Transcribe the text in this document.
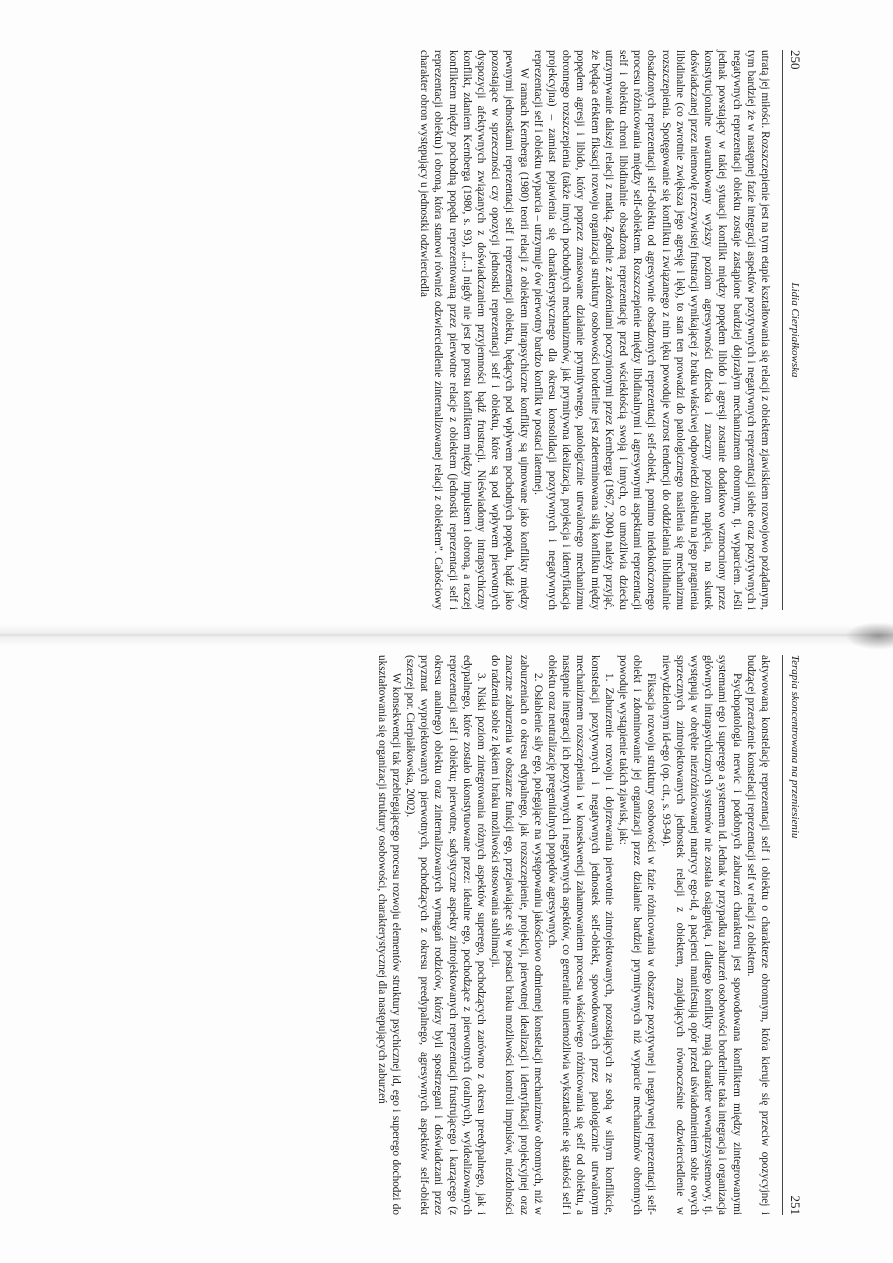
250
Lidia Cierpiałkowska

utratą jej miłości. Rozszczepienie jest na tym etapie kształtowania się relacji z obiektem zjawiskiem rozwojowo pożądanym, tym bardziej że w następnej fazie integracji aspektów pozytywnych i negatywnych reprezentacji siebie oraz pozytywnych i negatywnych reprezentacji obiektu zostaje zastąpione bardziej dojrzałym mechanizmem obronnym, tj. wyparciem. Jeśli jednak powstający w takiej sytuacji konflikt między popędem libido i agresji zostanie dodatkowo wzmocniony przez konstytucjonalne uwarunkowany wyższy poziom agresywności dziecka i znaczny poziom napięcia, na skutek doświadczanej przez niemowlę rzeczywistej frustracji wynikającej z braku właściwej odpowiedzi obiektu na jego pragnienia libidinalne (co zwrotnie zwiększa jego agresję i lęk), to stan ten prowadzi do patologicznego nasilenia się mechanizmu rozszczepienia. Spotęgowanie się konfliktu i związanego z nim lęku powoduje wzrost tendencji do oddzielania libidinalnie obsadzonych reprezentacji self-obiektu od agresywnie obsadzonych reprezentacji self-obiekt, pomimo niedokończonego procesu różnicowania między self-obiektem. Rozszczepienie między libidinalnymi i agresywnymi aspektami reprezentacji self i obiektu chroni libidinalnie obsadzoną reprezentację przed wściekłością swoją i innych, co umożliwia dziecku utrzymywanie dalszej relacji z matką. Zgodnie z założeniami poczynionymi przez Kernberga (1967, 2004) należy przyjąć, że będąca efektem fiksacji rozwoju organizacja struktury osobowości borderline jest zdeterminowana siłą konfliktu między popędem agresji i libido, który poprzez zmasowane działanie prymitywnego, patologicznie utrwalonego mechanizmu obronnego rozszczepienia (także innych pochodnych mechanizmów, jak prymitywna idealizacja, projekcja i identyfikacja projekcyjna) – zamiast pojawienia się charakterystycznego dla okresu konsolidacji pozytywnych i negatywnych reprezentacji self i obiektu wyparcia – utrzymuje ów pierwotny bardzo konflikt w postaci latentnej.

W ramach Kernberga (1980) teorii relacji z obiektem intrapsychiczne konflikty są ujmowane jako konflikty między pewnymi jednostkami reprezentacji self i reprezentacji obiektu, będących pod wpływem pochodnych popędu, bądź jako pozostające w sprzeczności czy opozycji jednostki reprezentacji self i obiektu, które są pod wpływem pierwotnych dyspozycji afektywnych związanych z doświadczaniem przyjemności bądź frustracji. Nieświadomy intrapsychiczny konflikt, zdaniem Kernberga (1980, s. 93), „[...] nigdy nie jest po prostu konfliktem między impulsem i obroną, a raczej konfliktem między pochodną popędu reprezentowaną przez pierwotne relacje z obiektem (jednostki reprezentacji self i reprezentacji obiektu) i obroną, która stanowi również odzwierciedlenie zinternalizowanej relacji z obiektem”. Całościowy charakter obron występujący u jednostki odzwierciedla

Terapia skoncentrowana na przeniesieniu
251

aktywowaną konstelację reprezentacji self i obiektu o charakterze obronnym, która kieruje się przeciw opozycyjnej i budzącej przerażenie konstelacji reprezentacji self w relacji z obiektem.

Psychopatologia nerwic i podobnych zaburzeń charakteru jest spowodowana konfliktem między zintegrowanymi systemami ego i superego a systemem id. Jednak w przypadku zaburzeń osobowości borderline taka integracja i organizacja głównych intrapsychicznych systemów nie została osiągnięta, i dlatego konflikty mają charakter wewnątrzsystemowy, tj. występują w obrębie niezróżnicowanej matrycy ego-id, a pacjenci manifestują opór przed uświadomieniem sobie owych sprzecznych zintrojektowanych jednostek relacji z obiektem, znajdujących równocześnie odzwierciedlenie w niewydzielonym id-ego (op. cit., s. 93-94).

Fiksacja rozwoju struktury osobowości w fazie różnicowania w obszarze pozytywnej i negatywnej reprezentacji self-obiekt i zdominowanie jej organizacji przez działanie bardziej prymitywnych niż wyparcie mechanizmów obronnych powoduje wystąpienie takich zjawisk, jak:

1. Zaburzenie rozwoju i dojrzewania pierwotnie zintrojektowanych, pozostających ze sobą w silnym konflikcie, konstelacji pozytywnych i negatywnych jednostek self-obiekt, spowodowanych przez patologicznie utrwalonym mechanizmem rozszczepienia i w konsekwencji zahamowaniem procesu właściwego różnicowania się self od obiektu, a następnie integracji ich pozytywnych i negatywnych aspektów, co generalnie uniemożliwia wykształcenie się stałości self i obiektu oraz neutralizację pregenitalnych popędów agresywnych.

2. Osłabienie siły ego, polegające na występowaniu jakościowo odmiennej konstelacji mechanizmów obronnych, niż w zaburzeniach o okresu edypalnego, jak rozszczepienie, projekcji, pierwotnej idealizacji i identyfikacji projekcyjnej oraz znaczne zaburzenia w obszarze funkcji ego, przejawiające się w postaci braku możliwości kontroli impulsów, niezdolności do radzenia sobie z lękiem i braku możliwości stosowania sublimacji.

3. Niski poziom zintegrowania różnych aspektów superego, pochodzących zarówno z okresu preedypalnego, jak i edypalnego, które zostało ukonstytuowane przez: idealne ego, pochodzące z pierwotnych (oralnych), wyidealizowanych reprezentacji self i obiektu; pierwotne, sadystyczne aspekty zintrojektowanych reprezentacji frustrującego i karzącego (z okresu analnego) obiektu oraz zinternalizowanych wymagań rodziców, którzy byli spostrzegani i doświadczani przez pryzmat wyprojektowanych pierwotnych, pochodzących z okresu preedypalnego, agresywnych aspektów self-obiekt (szerzej por. Cierpiałkowska, 2002).

W konsekwencji tak przebiegającego procesu rozwoju elementów struktury psychicznej id, ego i superego dochodzi do ukształtowania się organizacji struktury osobowości, charakterystycznej dla następujących zaburzeń
